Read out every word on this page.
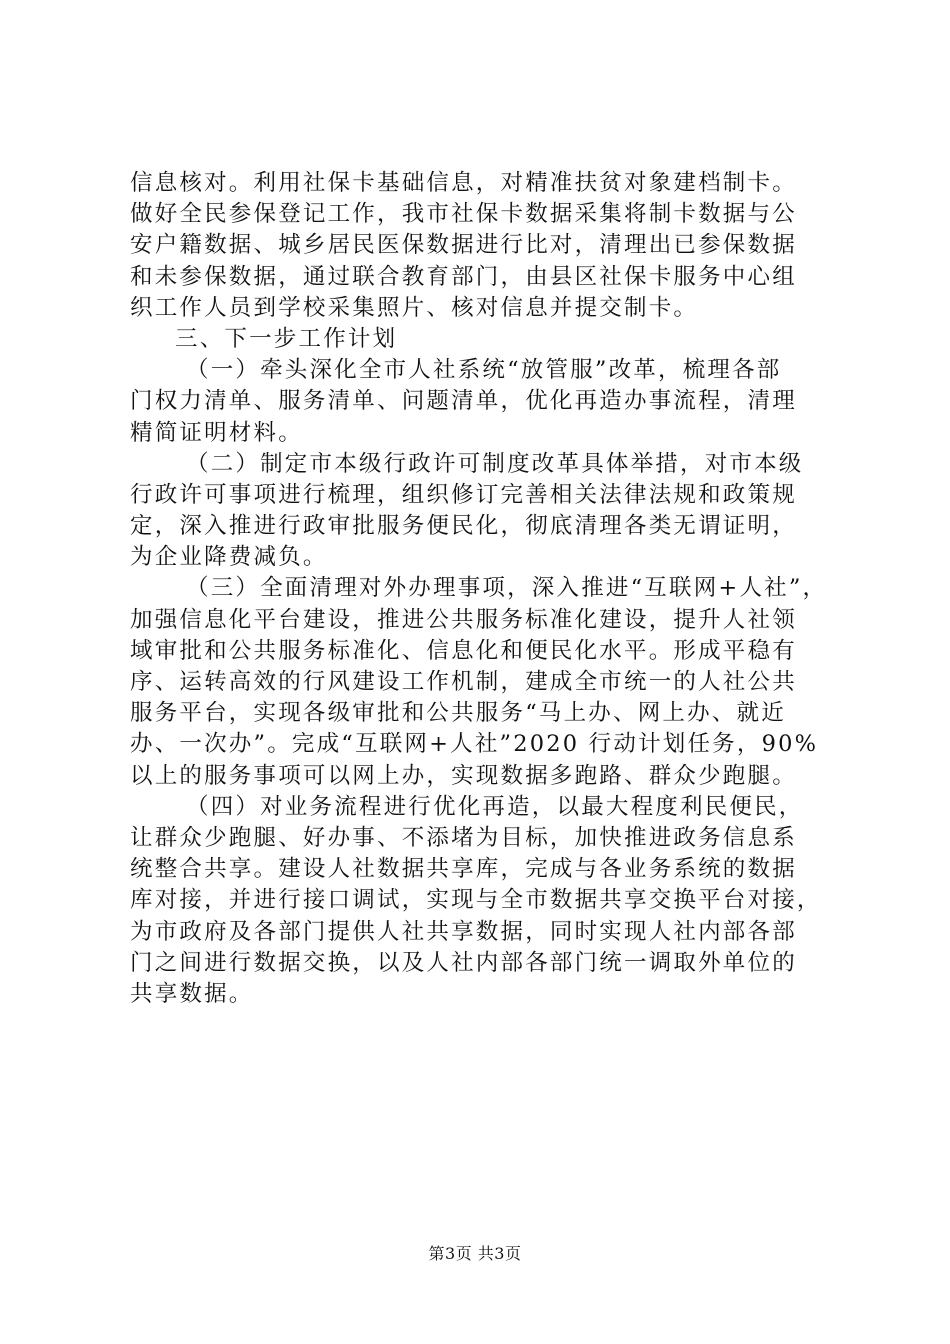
信息核对。利用社保卡基础信息，对精准扶贫对象建档制卡。
做好全民参保登记工作，我市社保卡数据采集将制卡数据与公
安户籍数据、城乡居民医保数据进行比对，清理出已参保数据
和未参保数据，通过联合教育部门，由县区社保卡服务中心组
织工作人员到学校采集照片、核对信息并提交制卡。
三、下一步工作计划
（一）牵头深化全市人社系统“放管服”改革，梳理各部
门权力清单、服务清单、问题清单，优化再造办事流程，清理
精简证明材料。
（二）制定市本级行政许可制度改革具体举措，对市本级
行政许可事项进行梳理，组织修订完善相关法律法规和政策规
定，深入推进行政审批服务便民化，彻底清理各类无谓证明，
为企业降费减负。
（三）全面清理对外办理事项，深入推进“互联网+人社”，
加强信息化平台建设，推进公共服务标准化建设，提升人社领
域审批和公共服务标准化、信息化和便民化水平。形成平稳有
序、运转高效的行风建设工作机制，建成全市统一的人社公共
服务平台，实现各级审批和公共服务“马上办、网上办、就近
办、一次办”。完成“互联网+人社”2020 行动计划任务，90%
以上的服务事项可以网上办，实现数据多跑路、群众少跑腿。
（四）对业务流程进行优化再造，以最大程度利民便民，
让群众少跑腿、好办事、不添堵为目标，加快推进政务信息系
统整合共享。建设人社数据共享库，完成与各业务系统的数据
库对接，并进行接口调试，实现与全市数据共享交换平台对接，
为市政府及各部门提供人社共享数据，同时实现人社内部各部
门之间进行数据交换，以及人社内部各部门统一调取外单位的
共享数据。
第3页 共3页
